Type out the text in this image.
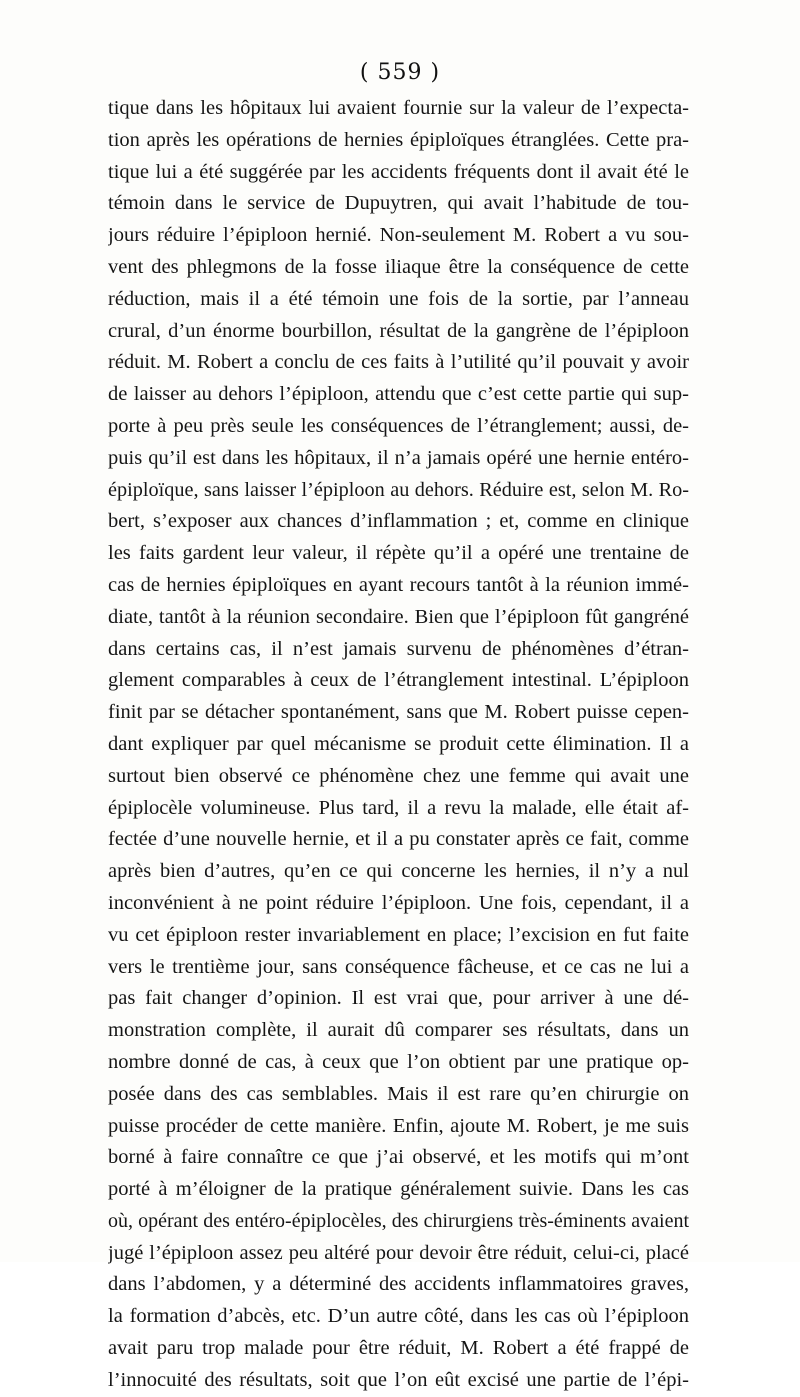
( 559 )
tique dans les hôpitaux lui avaient fournie sur la valeur de l’expecta-
tion après les opérations de hernies épiploïques étranglées. Cette pra-
tique lui a été suggérée par les accidents fréquents dont il avait été le
témoin dans le service de Dupuytren, qui avait l’habitude de tou-
jours réduire l’épiploon hernié. Non-seulement M. Robert a vu sou-
vent des phlegmons de la fosse iliaque être la conséquence de cette
réduction, mais il a été témoin une fois de la sortie, par l’anneau
crural, d’un énorme bourbillon, résultat de la gangrène de l’épiploon
réduit. M. Robert a conclu de ces faits à l’utilité qu’il pouvait y avoir
de laisser au dehors l’épiploon, attendu que c’est cette partie qui sup-
porte à peu près seule les conséquences de l’étranglement; aussi, de-
puis qu’il est dans les hôpitaux, il n’a jamais opéré une hernie entéro-
épiploïque, sans laisser l’épiploon au dehors. Réduire est, selon M. Ro-
bert, s’exposer aux chances d’inflammation ; et, comme en clinique
les faits gardent leur valeur, il répète qu’il a opéré une trentaine de
cas de hernies épiploïques en ayant recours tantôt à la réunion immé-
diate, tantôt à la réunion secondaire. Bien que l’épiploon fût gangréné
dans certains cas, il n’est jamais survenu de phénomènes d’étran-
glement comparables à ceux de l’étranglement intestinal. L’épiploon
finit par se détacher spontanément, sans que M. Robert puisse cepen-
dant expliquer par quel mécanisme se produit cette élimination. Il a
surtout bien observé ce phénomène chez une femme qui avait une
épiplocèle volumineuse. Plus tard, il a revu la malade, elle était af-
fectée d’une nouvelle hernie, et il a pu constater après ce fait, comme
après bien d’autres, qu’en ce qui concerne les hernies, il n’y a nul
inconvénient à ne point réduire l’épiploon. Une fois, cependant, il a
vu cet épiploon rester invariablement en place; l’excision en fut faite
vers le trentième jour, sans conséquence fâcheuse, et ce cas ne lui a
pas fait changer d’opinion. Il est vrai que, pour arriver à une dé-
monstration complète, il aurait dû comparer ses résultats, dans un
nombre donné de cas, à ceux que l’on obtient par une pratique op-
posée dans des cas semblables. Mais il est rare qu’en chirurgie on
puisse procéder de cette manière. Enfin, ajoute M. Robert, je me suis
borné à faire connaître ce que j’ai observé, et les motifs qui m’ont
porté à m’éloigner de la pratique généralement suivie. Dans les cas
où, opérant des entéro-épiplocèles, des chirurgiens très-éminents avaient
jugé l’épiploon assez peu altéré pour devoir être réduit, celui-ci, placé
dans l’abdomen, y a déterminé des accidents inflammatoires graves,
la formation d’abcès, etc. D’un autre côté, dans les cas où l’épiploon
avait paru trop malade pour être réduit, M. Robert a été frappé de
l’innocuité des résultats, soit que l’on eût excisé une partie de l’épi-
